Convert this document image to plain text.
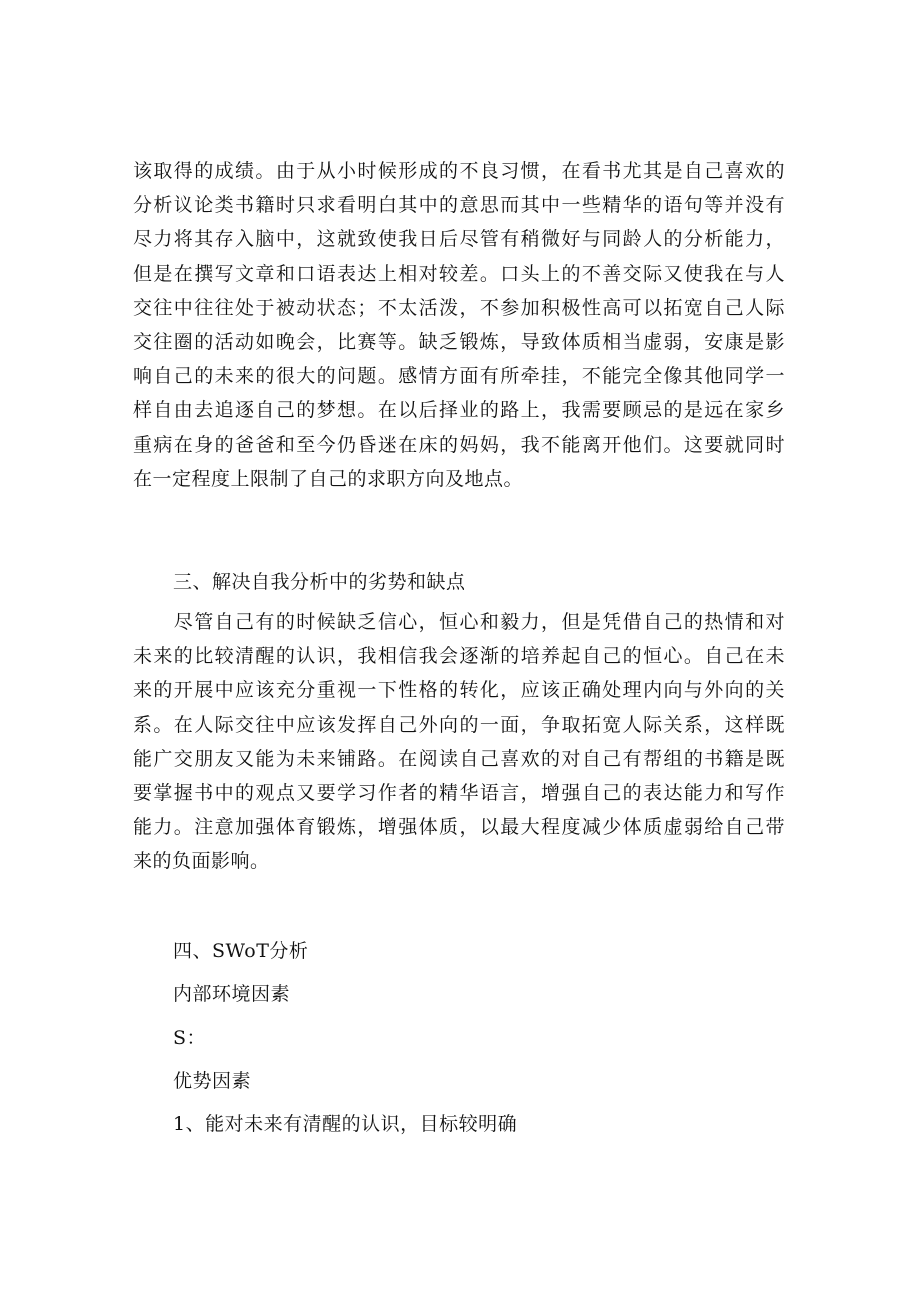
该取得的成绩。由于从小时候形成的不良习惯，在看书尤其是自己喜欢的
分析议论类书籍时只求看明白其中的意思而其中一些精华的语句等并没有
尽力将其存入脑中，这就致使我日后尽管有稍微好与同龄人的分析能力，
但是在撰写文章和口语表达上相对较差。口头上的不善交际又使我在与人
交往中往往处于被动状态；不太活泼，不参加积极性高可以拓宽自己人际
交往圈的活动如晚会，比赛等。缺乏锻炼，导致体质相当虚弱，安康是影
响自己的未来的很大的问题。感情方面有所牵挂，不能完全像其他同学一
样自由去追逐自己的梦想。在以后择业的路上，我需要顾忌的是远在家乡
重病在身的爸爸和至今仍昏迷在床的妈妈，我不能离开他们。这要就同时
在一定程度上限制了自己的求职方向及地点。

三、解决自我分析中的劣势和缺点

　　尽管自己有的时候缺乏信心，恒心和毅力，但是凭借自己的热情和对
未来的比较清醒的认识，我相信我会逐渐的培养起自己的恒心。自己在未
来的开展中应该充分重视一下性格的转化，应该正确处理内向与外向的关
系。在人际交往中应该发挥自己外向的一面，争取拓宽人际关系，这样既
能广交朋友又能为未来铺路。在阅读自己喜欢的对自己有帮组的书籍是既
要掌握书中的观点又要学习作者的精华语言，增强自己的表达能力和写作
能力。注意加强体育锻炼，增强体质，以最大程度减少体质虚弱给自己带
来的负面影响。

四、SWoT分析

内部环境因素

S：

优势因素

1、能对未来有清醒的认识，目标较明确
